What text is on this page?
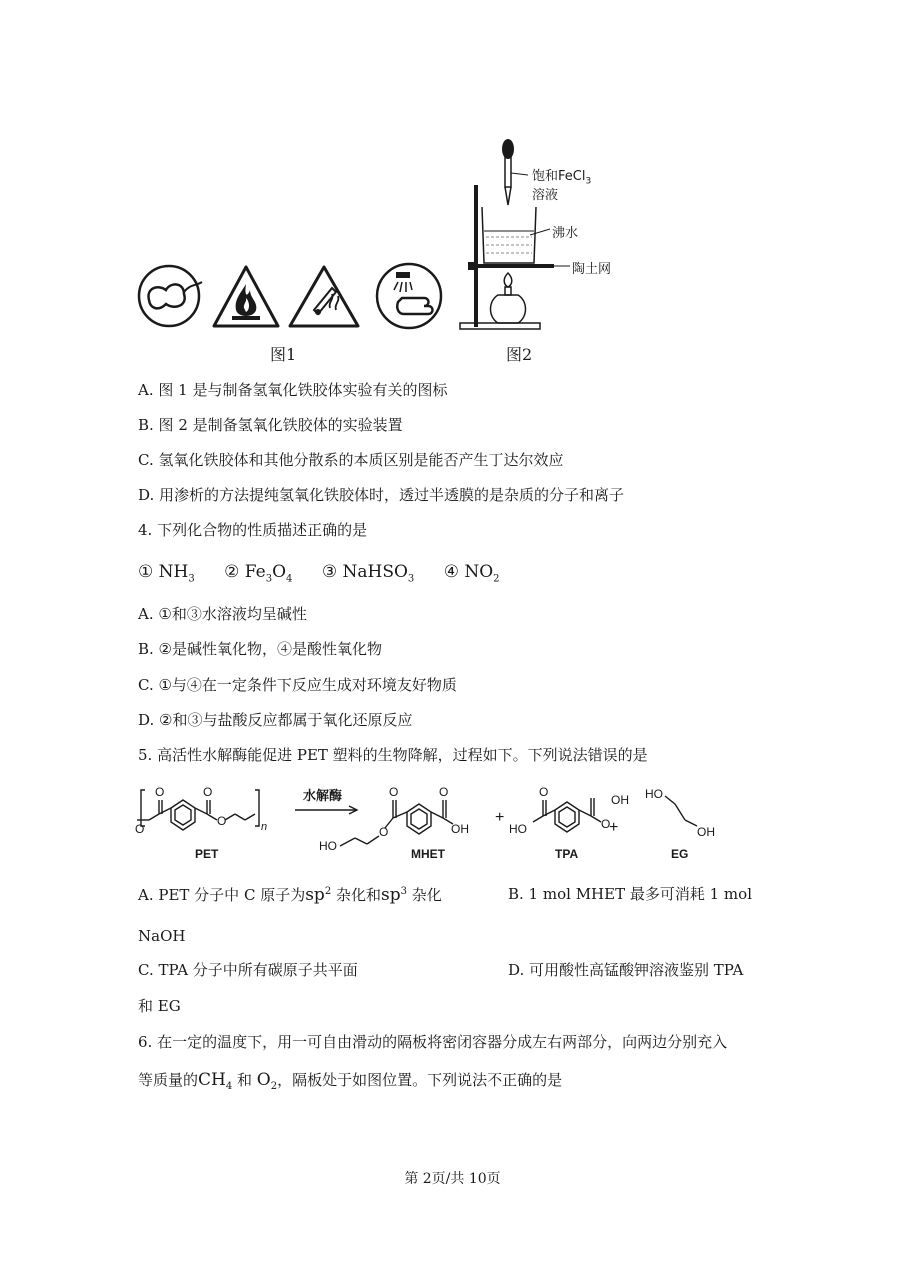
图1
饱和FeCl$_3$
溶液
沸水
陶土网
图2
A. 图 1 是与制备氢氧化铁胶体实验有关的图标
B. 图 2 是制备氢氧化铁胶体的实验装置
C. 氢氧化铁胶体和其他分散系的本质区别是能否产生丁达尔效应
D. 用渗析的方法提纯氢氧化铁胶体时，透过半透膜的是杂质的分子和离子
4. 下列化合物的性质描述正确的是
① $NH_3$ ② $Fe_3O_4$ ③ NaHSO$_3$ ④ $NO_2$
A. ①和③水溶液均呈碱性
B. ②是碱性氧化物，④是酸性氧化物
C. ①与④在一定条件下反应生成对环境友好物质
D. ②和③与盐酸反应都属于氧化还原反应
5. 高活性水解酶能促进 PET 塑料的生物降解，过程如下。下列说法错误的是
O
O
O
O	n
水解酶	O
O
O
OH
HO
+
O
HO	O
OH
+
HO
OH
PET	MHET	TPA	EG
A. PET 分子中 C 原子为$sp^2$ 杂化和$sp^3$ 杂化	B. 1 mol MHET 最多可消耗 1 mol
NaOH
C. TPA 分子中所有碳原子共平面	D. 可用酸性高锰酸钾溶液鉴别 TPA
和 EG
6. 在一定的温度下，用一可自由滑动的隔板将密闭容器分成左右两部分，向两边分别充入
等质量的$CH_4$ 和 $O_2$，隔板处于如图位置。下列说法不正确的是
第 2页/共 10页
